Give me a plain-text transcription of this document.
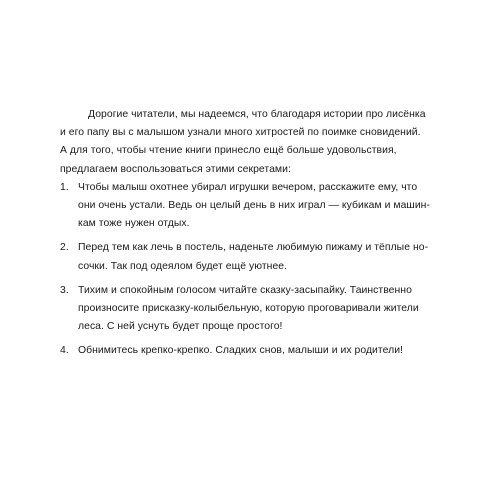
Дорогие читатели, мы надеемся, что благодаря истории про лисёнка

и его папу вы с малышом узнали много хитростей по поимке сновидений.

А для того, чтобы чтение книги принесло ещё больше удовольствия,

предлагаем воспользоваться этими секретами:

1. Чтобы малыш охотнее убирал игрушки вечером, расскажите ему, что
они очень устали. Ведь он целый день в них играл — кубикам и машин-
кам тоже нужен отдых.
2. Перед тем как лечь в постель, наденьте любимую пижаму и тёплые но-
сочки. Так под одеялом будет ещё уютнее.
3. Тихим и спокойным голосом читайте сказку-засыпайку. Таинственно
произносите присказку-колыбельную, которую проговаривали жители
леса. С ней уснуть будет проще простого!
4. Обнимитесь крепко-крепко. Сладких снов, малыши и их родители!
